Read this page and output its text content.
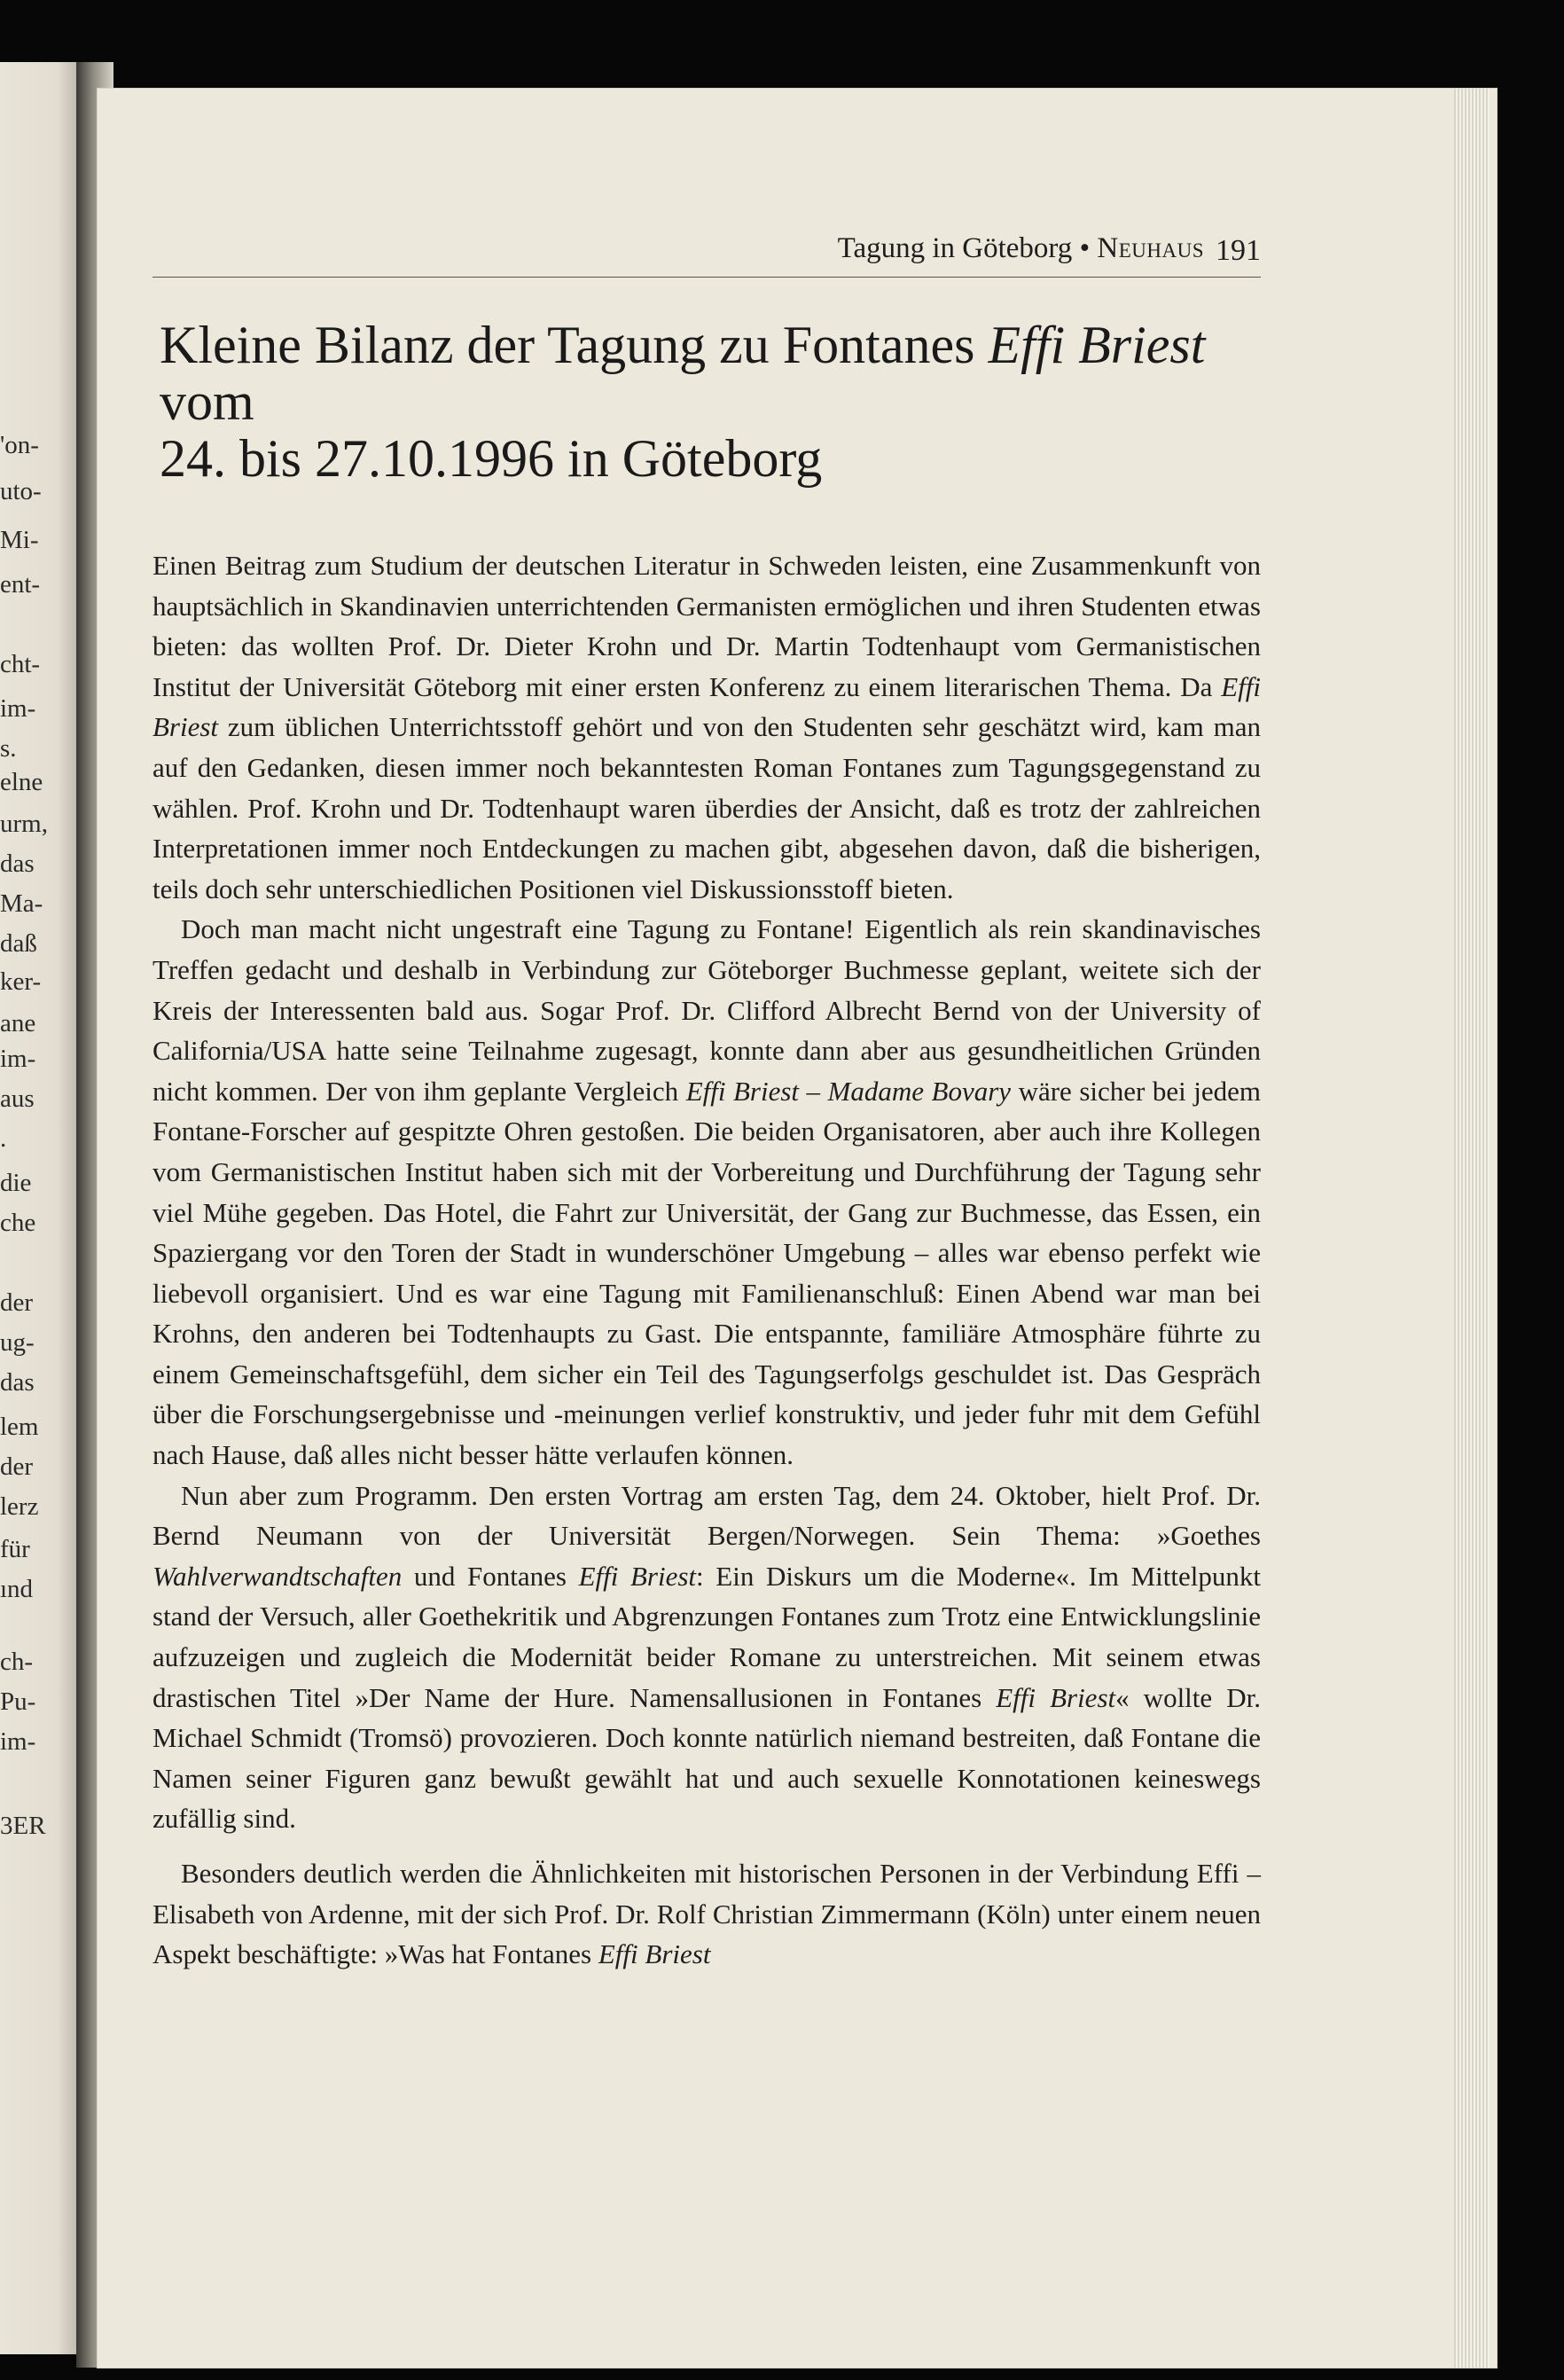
'on-
uto-
Mi-
ent-
cht-
im-
s.
elne
urm,
das
Ma-
daß
ker-
ane
im-
aus
.
die
che
der
ug-
das
lem
der
lerz
für
ınd
ch-
Pu-
im-
3ER
Tagung in Göteborg • Neuhaus 191
Kleine Bilanz der Tagung zu Fontanes Effi Briest vom
24. bis 27.10.1996 in Göteborg

Einen Beitrag zum Studium der deutschen Literatur in Schweden leisten, eine Zusammenkunft von hauptsächlich in Skandinavien unterrichtenden Germanisten ermöglichen und ihren Studenten etwas bieten: das wollten Prof. Dr. Dieter Krohn und Dr. Martin Todtenhaupt vom Germanistischen Institut der Universität Göteborg mit einer ersten Konferenz zu einem literarischen Thema. Da Effi Briest zum üblichen Unterrichtsstoff gehört und von den Studenten sehr geschätzt wird, kam man auf den Gedanken, diesen immer noch bekanntesten Roman Fontanes zum Tagungsgegenstand zu wählen. Prof. Krohn und Dr. Todtenhaupt waren überdies der Ansicht, daß es trotz der zahlreichen Interpretationen immer noch Entdeckungen zu machen gibt, abgesehen davon, daß die bisherigen, teils doch sehr unterschiedlichen Positionen viel Diskussionsstoff bieten.

Doch man macht nicht ungestraft eine Tagung zu Fontane! Eigentlich als rein skandinavisches Treffen gedacht und deshalb in Verbindung zur Göteborger Buchmesse geplant, weitete sich der Kreis der Interessenten bald aus. Sogar Prof. Dr. Clifford Albrecht Bernd von der University of California/USA hatte seine Teilnahme zugesagt, konnte dann aber aus gesundheitlichen Gründen nicht kommen. Der von ihm geplante Vergleich Effi Briest – Madame Bovary wäre sicher bei jedem Fontane-Forscher auf gespitzte Ohren gestoßen. Die beiden Organisatoren, aber auch ihre Kollegen vom Germanistischen Institut haben sich mit der Vorbereitung und Durchführung der Tagung sehr viel Mühe gegeben. Das Hotel, die Fahrt zur Universität, der Gang zur Buchmesse, das Essen, ein Spaziergang vor den Toren der Stadt in wunderschöner Umgebung – alles war ebenso perfekt wie liebevoll organisiert. Und es war eine Tagung mit Familienanschluß: Einen Abend war man bei Krohns, den anderen bei Todtenhaupts zu Gast. Die entspannte, familiäre Atmosphäre führte zu einem Gemeinschaftsgefühl, dem sicher ein Teil des Tagungserfolgs geschuldet ist. Das Gespräch über die Forschungsergebnisse und -meinungen verlief konstruktiv, und jeder fuhr mit dem Gefühl nach Hause, daß alles nicht besser hätte verlaufen können.

Nun aber zum Programm. Den ersten Vortrag am ersten Tag, dem 24. Oktober, hielt Prof. Dr. Bernd Neumann von der Universität Bergen/Norwegen. Sein Thema: »Goethes Wahlverwandtschaften und Fontanes Effi Briest: Ein Diskurs um die Moderne«. Im Mittelpunkt stand der Versuch, aller Goethekritik und Abgrenzungen Fontanes zum Trotz eine Entwicklungslinie aufzuzeigen und zugleich die Modernität beider Romane zu unterstreichen. Mit seinem etwas drastischen Titel »Der Name der Hure. Namensallusionen in Fontanes Effi Briest« wollte Dr. Michael Schmidt (Tromsö) provozieren. Doch konnte natürlich niemand bestreiten, daß Fontane die Namen seiner Figuren ganz bewußt gewählt hat und auch sexuelle Konnotationen keineswegs zufällig sind.

Besonders deutlich werden die Ähnlichkeiten mit historischen Personen in der Verbindung Effi – Elisabeth von Ardenne, mit der sich Prof. Dr. Rolf Christian Zimmermann (Köln) unter einem neuen Aspekt beschäftigte: »Was hat Fontanes Effi Briest
